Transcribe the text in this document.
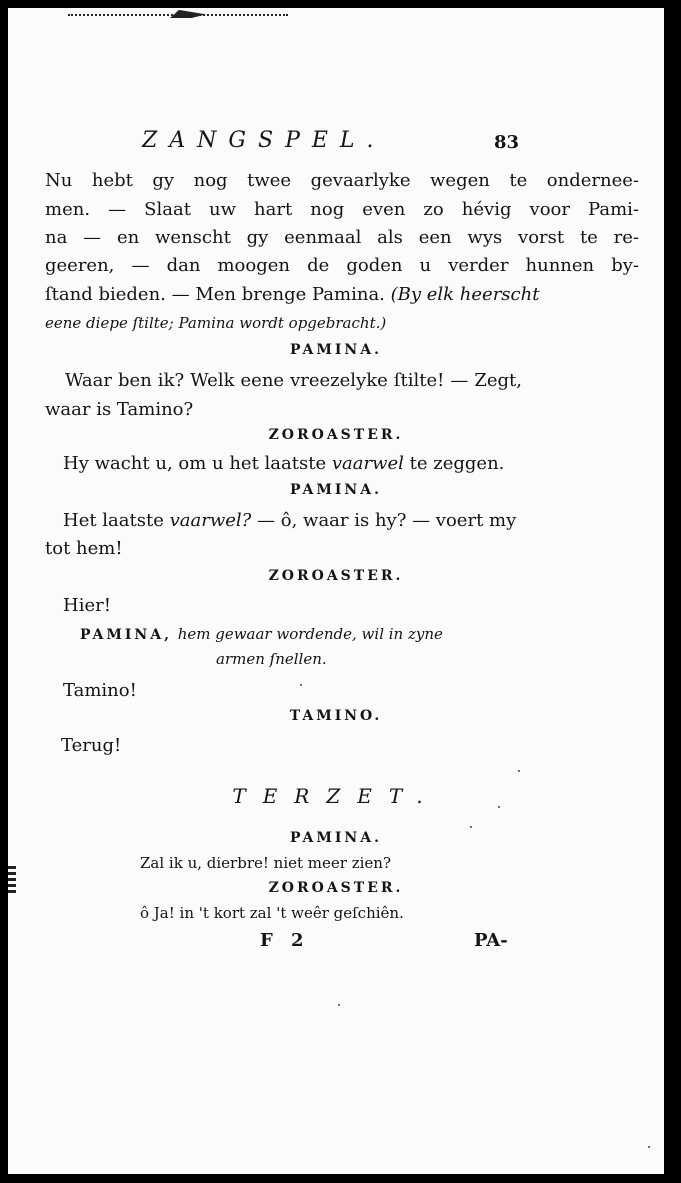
ZANGSPEL.	83
Nu hebt gy nog twee gevaarlyke wegen te ondernee-
men. — Slaat uw hart nog even zo hévig voor Pami-
na — en wenscht gy eenmaal als een wys vorst te re-
geeren, — dan moogen de goden u verder hunnen by-
ſtand bieden. — Men brenge Pamina. (By elk heerscht
eene diepe ſtilte; Pamina wordt opgebracht.)
PAMINA.
Waar ben ik? Welk eene vreezelyke ſtilte! — Zegt,
waar is Tamino?
ZOROASTER.
Hy wacht u, om u het laatste vaarwel te zeggen.
PAMINA.
Het laatste vaarwel? — ô, waar is hy? — voert my
tot hem!
ZOROASTER.
Hier!
PAMINA, hem gewaar wordende, wil in zyne
armen ſnellen.
Tamino!
TAMINO.
Terug!
TERZET.
PAMINA.
Zal ik u, dierbre! niet meer zien?
ZOROASTER.
ô Ja! in 't kort zal 't weêr geſchiên.
F 2	PA-
